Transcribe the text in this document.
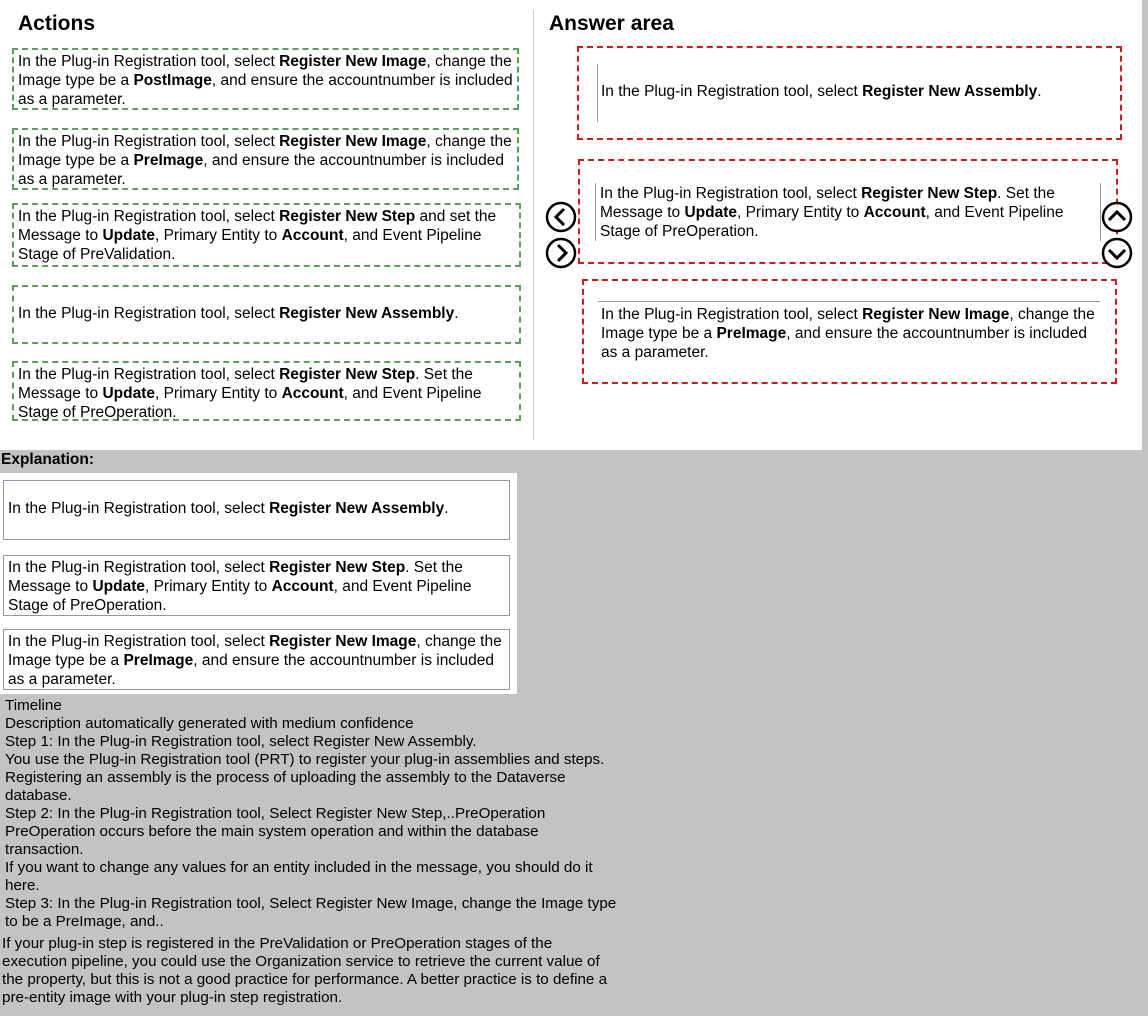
Actions	Answer area
In the Plug-in Registration tool, select Register New Image, change the Image type be a PostImage, and ensure the accountnumber is included as a parameter.
In the Plug-in Registration tool, select Register New Image, change the Image type be a PreImage, and ensure the accountnumber is included as a parameter.
In the Plug-in Registration tool, select Register New Step and set the Message to Update, Primary Entity to Account, and Event Pipeline Stage of PreValidation.
In the Plug-in Registration tool, select Register New Assembly.
In the Plug-in Registration tool, select Register New Step. Set the Message to Update, Primary Entity to Account, and Event Pipeline Stage of PreOperation.
In the Plug-in Registration tool, select Register New Assembly.
In the Plug-in Registration tool, select Register New Step. Set the Message to Update, Primary Entity to Account, and Event Pipeline Stage of PreOperation.
In the Plug-in Registration tool, select Register New Image, change the Image type be a PreImage, and ensure the accountnumber is included as a parameter.
Explanation:
In the Plug-in Registration tool, select Register New Assembly.
In the Plug-in Registration tool, select Register New Step. Set the Message to Update, Primary Entity to Account, and Event Pipeline Stage of PreOperation.
In the Plug-in Registration tool, select Register New Image, change the Image type be a PreImage, and ensure the accountnumber is included as a parameter.
Timeline
Description automatically generated with medium confidence
Step 1: In the Plug-in Registration tool, select Register New Assembly.
You use the Plug-in Registration tool (PRT) to register your plug-in assemblies and steps.
Registering an assembly is the process of uploading the assembly to the Dataverse
database.
Step 2: In the Plug-in Registration tool, Select Register New Step,..PreOperation
PreOperation occurs before the main system operation and within the database
transaction.
If you want to change any values for an entity included in the message, you should do it
here.
Step 3: In the Plug-in Registration tool, Select Register New Image, change the Image type
to be a PreImage, and..
If your plug-in step is registered in the PreValidation or PreOperation stages of the
execution pipeline, you could use the Organization service to retrieve the current value of
the property, but this is not a good practice for performance. A better practice is to define a
pre-entity image with your plug-in step registration.
